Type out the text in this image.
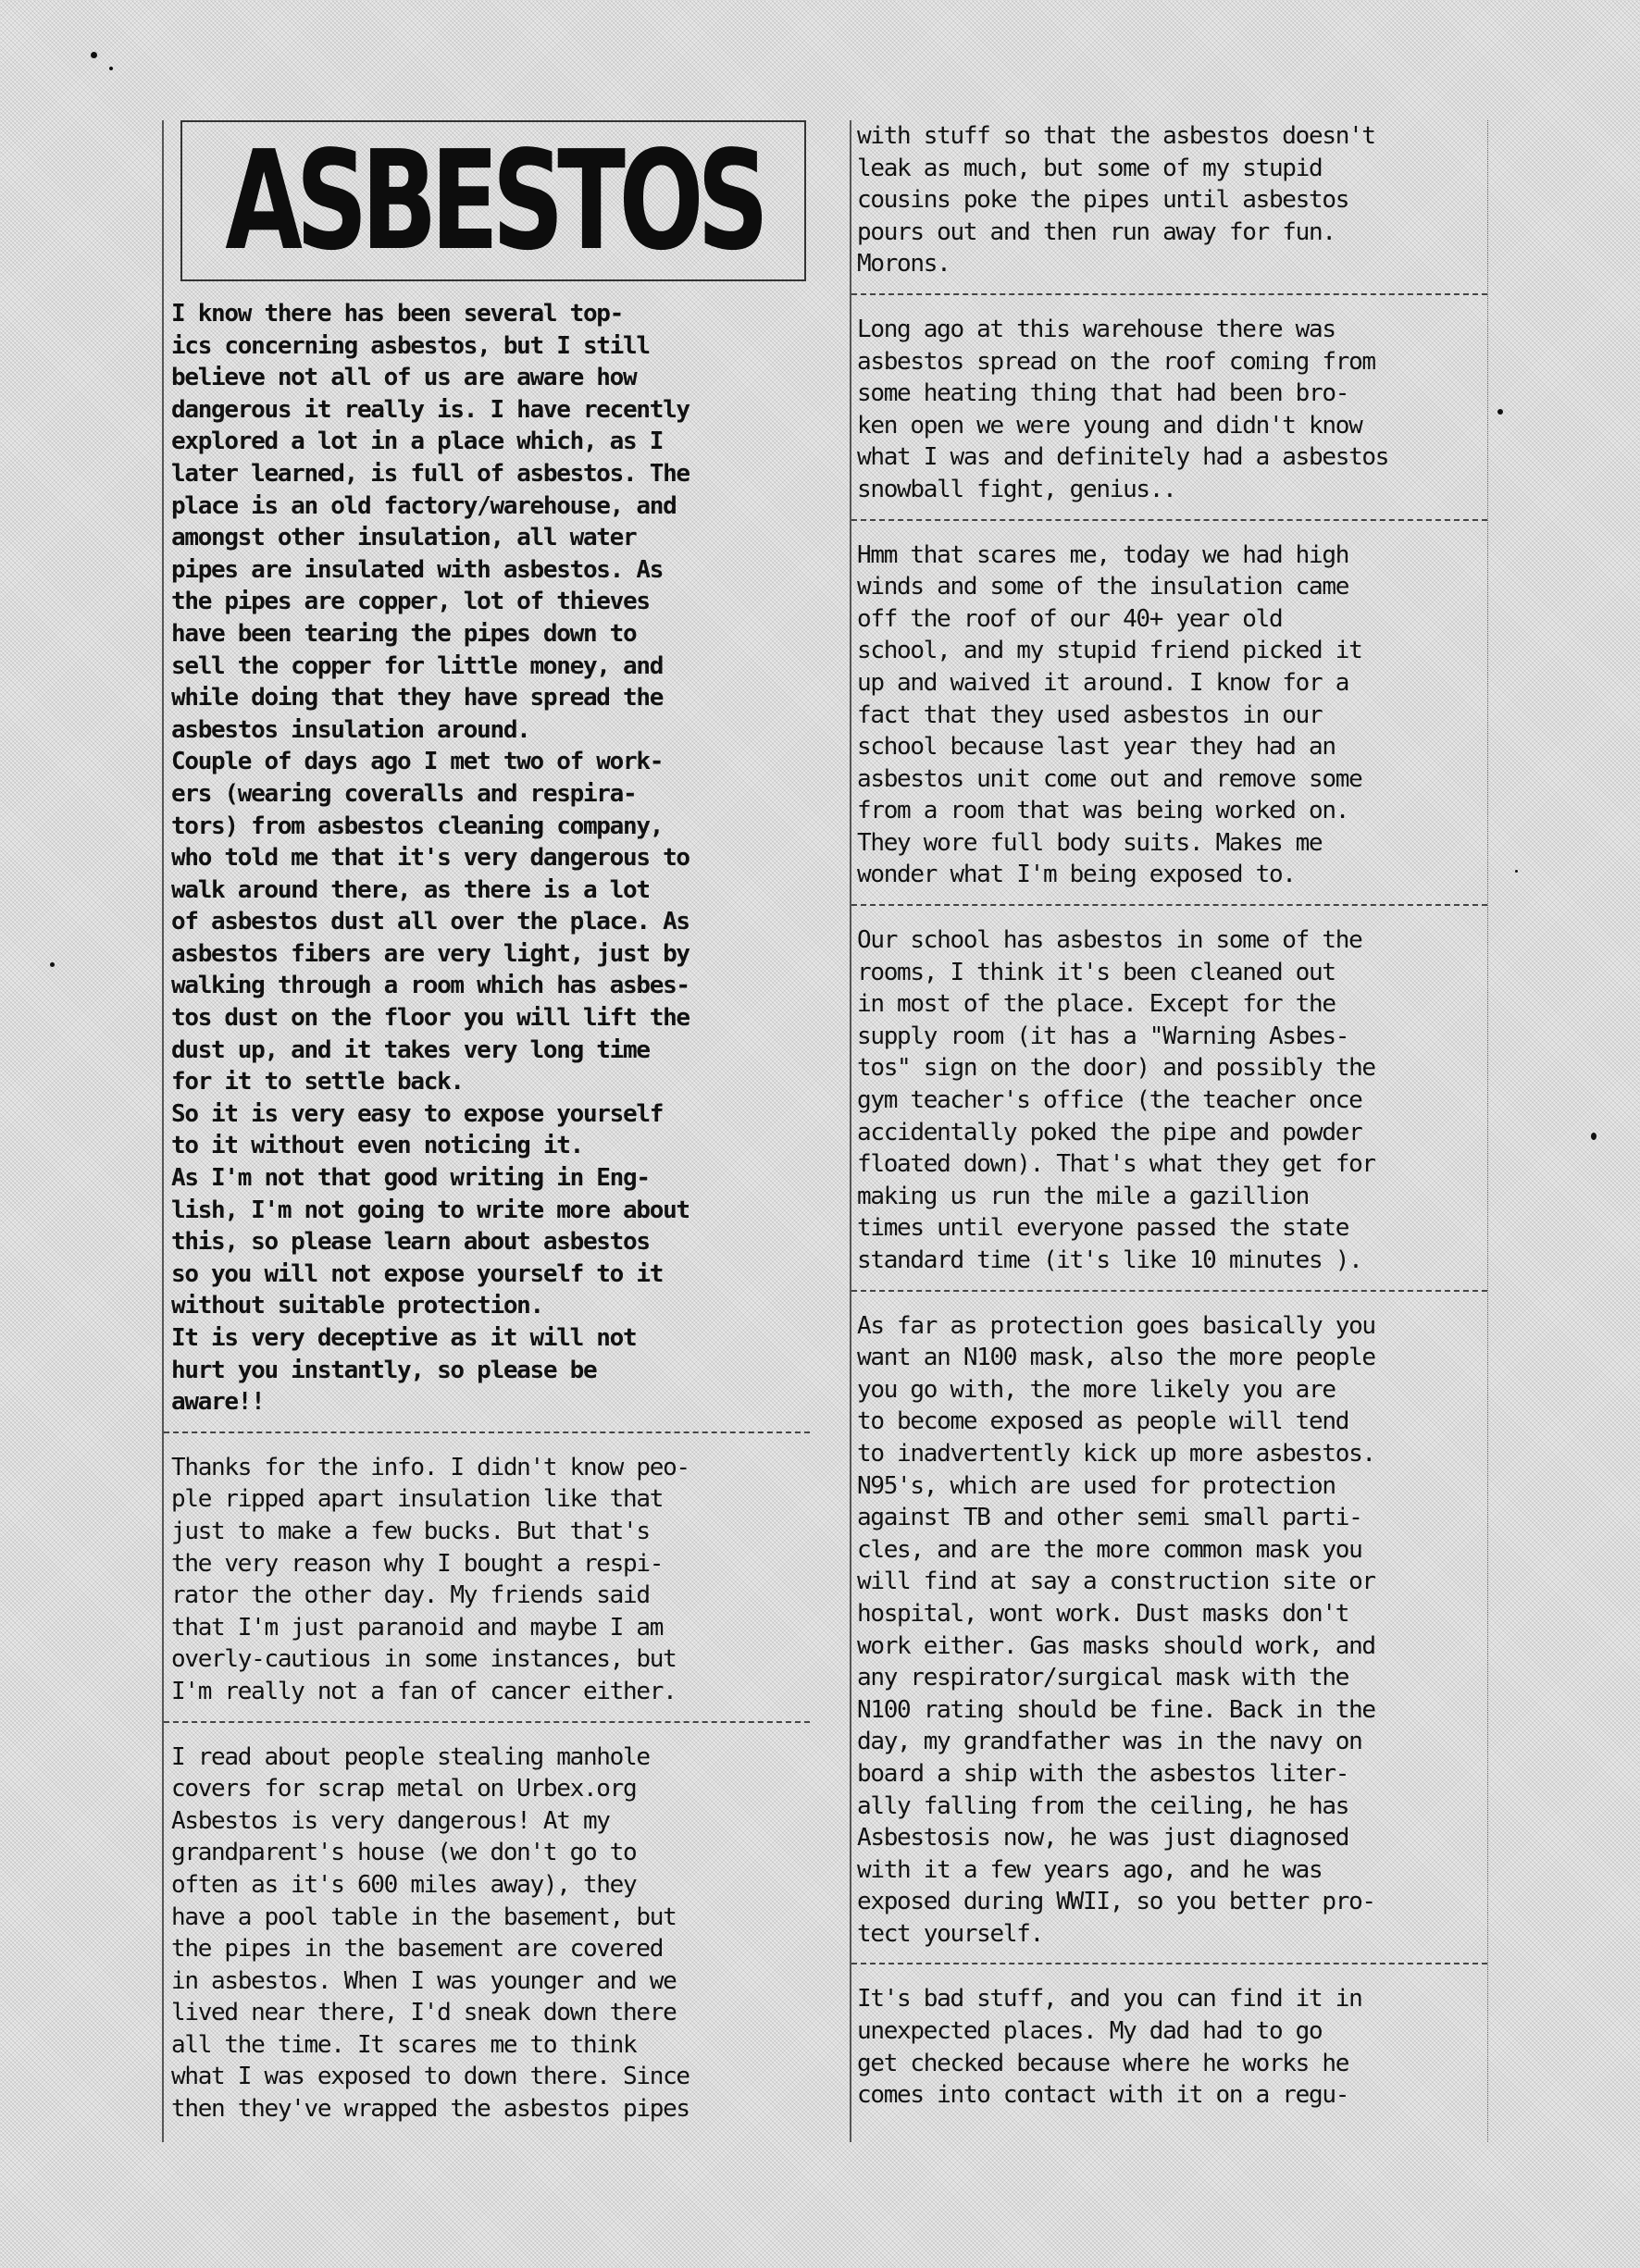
ASBESTOS
I know there has been several top-
ics concerning asbestos, but I still
believe not all of us are aware how
dangerous it really is. I have recently
explored a lot in a place which, as I
later learned, is full of asbestos. The
place is an old factory/warehouse, and
amongst other insulation, all water
pipes are insulated with asbestos. As
the pipes are copper, lot of thieves
have been tearing the pipes down to
sell the copper for little money, and
while doing that they have spread the
asbestos insulation around.
Couple of days ago I met two of work-
ers (wearing coveralls and respira-
tors) from asbestos cleaning company,
who told me that it's very dangerous to
walk around there, as there is a lot
of asbestos dust all over the place. As
asbestos fibers are very light, just by
walking through a room which has asbes-
tos dust on the floor you will lift the
dust up, and it takes very long time
for it to settle back.
So it is very easy to expose yourself
to it without even noticing it.
As I'm not that good writing in Eng-
lish, I'm not going to write more about
this, so please learn about asbestos
so you will not expose yourself to it
without suitable protection.
It is very deceptive as it will not
hurt you instantly, so please be
aware!!
Thanks for the info. I didn't know peo-
ple ripped apart insulation like that
just to make a few bucks. But that's
the very reason why I bought a respi-
rator the other day. My friends said
that I'm just paranoid and maybe I am
overly-cautious in some instances, but
I'm really not a fan of cancer either.
I read about people stealing manhole
covers for scrap metal on Urbex.org
Asbestos is very dangerous! At my
grandparent's house (we don't go to
often as it's 600 miles away), they
have a pool table in the basement, but
the pipes in the basement are covered
in asbestos. When I was younger and we
lived near there, I'd sneak down there
all the time. It scares me to think
what I was exposed to down there. Since
then they've wrapped the asbestos pipes
with stuff so that the asbestos doesn't
leak as much, but some of my stupid
cousins poke the pipes until asbestos
pours out and then run away for fun.
Morons.
Long ago at this warehouse there was
asbestos spread on the roof coming from
some heating thing that had been bro-
ken open we were young and didn't know
what I was and definitely had a asbestos
snowball fight, genius..
Hmm that scares me, today we had high
winds and some of the insulation came
off the roof of our 40+ year old
school, and my stupid friend picked it
up and waived it around. I know for a
fact that they used asbestos in our
school because last year they had an
asbestos unit come out and remove some
from a room that was being worked on.
They wore full body suits. Makes me
wonder what I'm being exposed to.
Our school has asbestos in some of the
rooms, I think it's been cleaned out
in most of the place. Except for the
supply room (it has a "Warning Asbes-
tos" sign on the door) and possibly the
gym teacher's office (the teacher once
accidentally poked the pipe and powder
floated down). That's what they get for
making us run the mile a gazillion
times until everyone passed the state
standard time (it's like 10 minutes ).
As far as protection goes basically you
want an N100 mask, also the more people
you go with, the more likely you are
to become exposed as people will tend
to inadvertently kick up more asbestos.
N95's, which are used for protection
against TB and other semi small parti-
cles, and are the more common mask you
will find at say a construction site or
hospital, wont work. Dust masks don't
work either. Gas masks should work, and
any respirator/surgical mask with the
N100 rating should be fine. Back in the
day, my grandfather was in the navy on
board a ship with the asbestos liter-
ally falling from the ceiling, he has
Asbestosis now, he was just diagnosed
with it a few years ago, and he was
exposed during WWII, so you better pro-
tect yourself.
It's bad stuff, and you can find it in
unexpected places. My dad had to go
get checked because where he works he
comes into contact with it on a regu-
